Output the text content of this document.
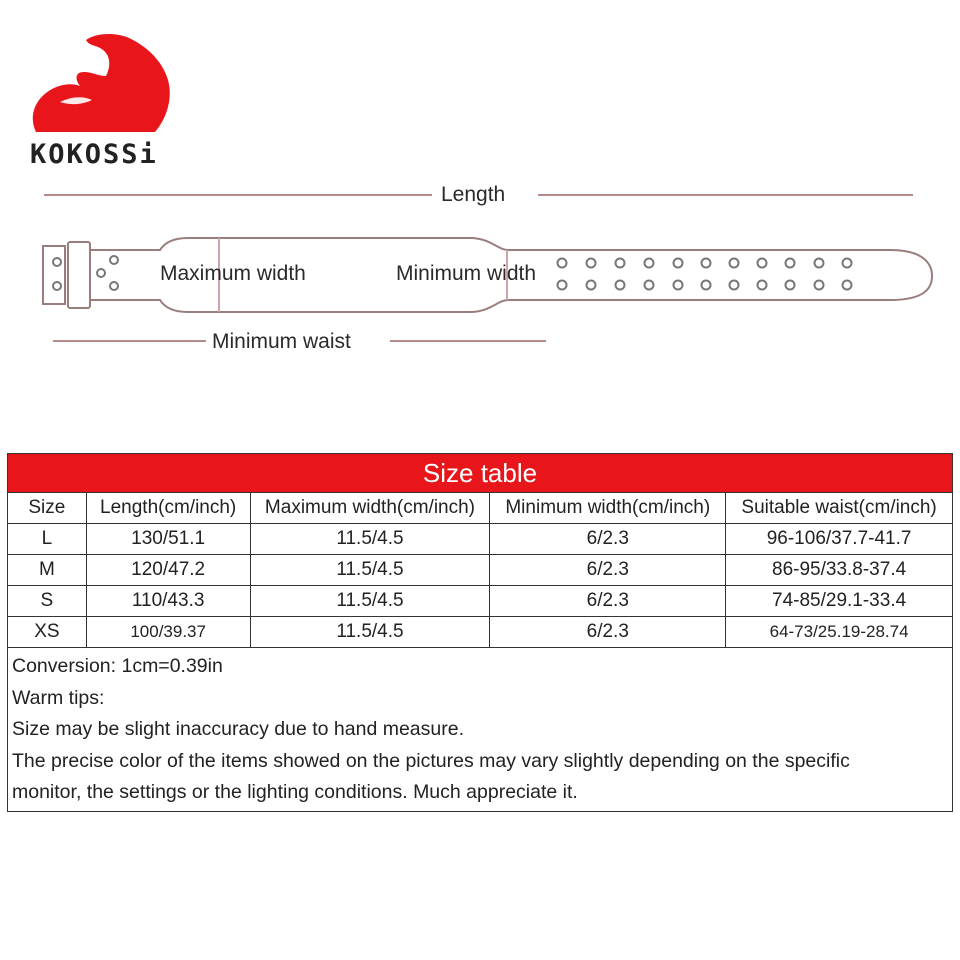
KOKOSSi
Length
Maximum width	Minimum width
Minimum waist
Size table				
Size	Length(cm/inch)	Maximum width(cm/inch)	Minimum width(cm/inch)	Suitable waist(cm/inch)
L	130/51.1	11.5/4.5	6/2.3	96-106/37.7-41.7
M	120/47.2	11.5/4.5	6/2.3	86-95/33.8-37.4
S	110/43.3	11.5/4.5	6/2.3	74-85/29.1-33.4
XS	100/39.37	11.5/4.5	6/2.3	64-73/25.19-28.74

Conversion: 1cm=0.39in
Warm tips:
Size may be slight inaccuracy due to hand measure.
The precise color of the items showed on the pictures may vary slightly depending on the specific
monitor, the settings or the lighting conditions. Much appreciate it.				
